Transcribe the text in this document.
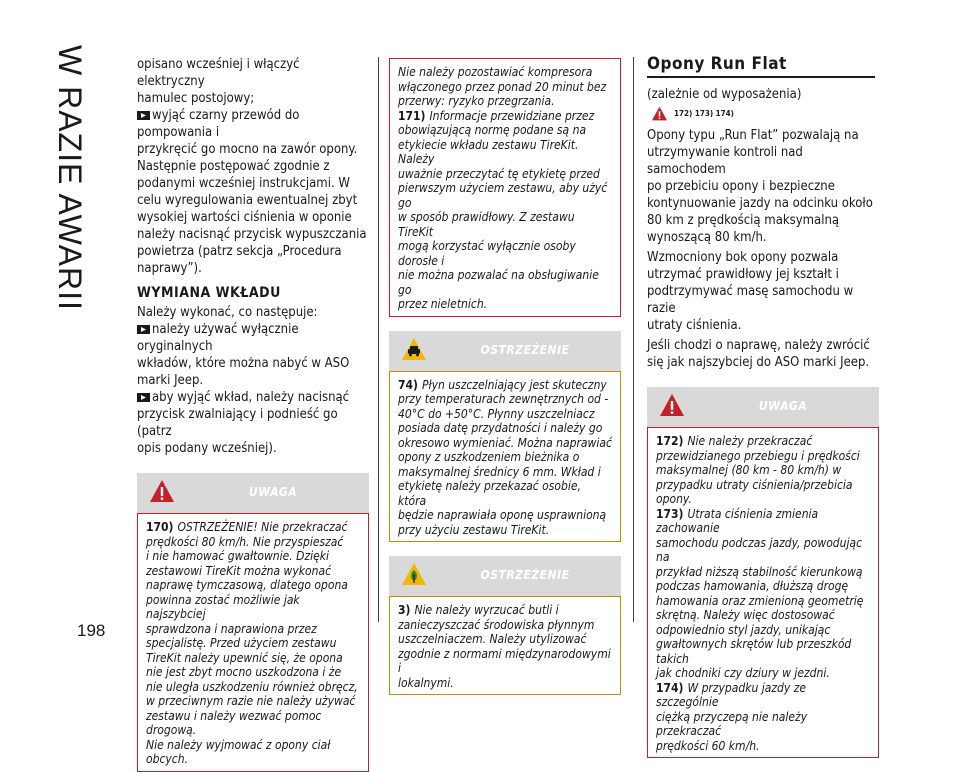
W RAZIE AWARII
198

opisano wcześniej i włączyć elektryczny

hamulec postojowy;

wyjąć czarny przewód do pompowania i

przykręcić go mocno na zawór opony.

Następnie postępować zgodnie z

podanymi wcześniej instrukcjami. W

celu wyregulowania ewentualnej zbyt

wysokiej wartości ciśnienia w oponie

należy nacisnąć przycisk wypuszczania

powietrza (patrz sekcja „Procedura

naprawy”).

WYMIANA WKŁADU

Należy wykonać, co następuje:

należy używać wyłącznie oryginalnych

wkładów, które można nabyć w ASO

marki Jeep.

aby wyjąć wkład, należy nacisnąć

przycisk zwalniający i podnieść go (patrz

opis podany wcześniej).

UWAGA

170) OSTRZEŻENIE! Nie przekraczać

prędkości 80 km/h. Nie przyspieszać

i nie hamować gwałtownie. Dzięki

zestawowi TireKit można wykonać

naprawę tymczasową, dlatego opona

powinna zostać możliwie jak najszybciej

sprawdzona i naprawiona przez

specjalistę. Przed użyciem zestawu

TireKit należy upewnić się, że opona

nie jest zbyt mocno uszkodzona i że

nie uległa uszkodzeniu również obręcz,

w przeciwnym razie nie należy używać

zestawu i należy wezwać pomoc drogową.

Nie należy wyjmować z opony ciał obcych.

Nie należy pozostawiać kompresora

włączonego przez ponad 20 minut bez

przerwy: ryzyko przegrzania.

171) Informacje przewidziane przez

obowiązującą normę podane są na

etykiecie wkładu zestawu TireKit. Należy

uważnie przeczytać tę etykietę przed

pierwszym użyciem zestawu, aby użyć go

w sposób prawidłowy. Z zestawu TireKit

mogą korzystać wyłącznie osoby dorosłe i

nie można pozwalać na obsługiwanie go

przez nieletnich.

OSTRZEŻENIE

74) Płyn uszczelniający jest skuteczny

przy temperaturach zewnętrznych od -

40°C do +50°C. Płynny uszczelniacz

posiada datę przydatności i należy go

okresowo wymieniać. Można naprawiać

opony z uszkodzeniem bieżnika o

maksymalnej średnicy 6 mm. Wkład i

etykietę należy przekazać osobie, która

będzie naprawiała oponę usprawnioną

przy użyciu zestawu TireKit.

OSTRZEŻENIE

3) Nie należy wyrzucać butli i

zanieczyszczać środowiska płynnym

uszczelniaczem. Należy utylizować

zgodnie z normami międzynarodowymi i

lokalnymi.

Opony Run Flat

(zależnie od wyposażenia)

$^{172) 173) 174)}$

Opony typu „Run Flat” pozwalają na

utrzymywanie kontroli nad samochodem

po przebiciu opony i bezpieczne

kontynuowanie jazdy na odcinku około

80 km z prędkością maksymalną

wynoszącą 80 km/h.

Wzmocniony bok opony pozwala

utrzymać prawidłowy jej kształt i

podtrzymywać masę samochodu w razie

utraty ciśnienia.

Jeśli chodzi o naprawę, należy zwrócić

się jak najszybciej do ASO marki Jeep.

UWAGA

172) Nie należy przekraczać

przewidzianego przebiegu i prędkości

maksymalnej (80 km - 80 km/h) w

przypadku utraty ciśnienia/przebicia

opony.

173) Utrata ciśnienia zmienia zachowanie

samochodu podczas jazdy, powodując na

przykład niższą stabilność kierunkową

podczas hamowania, dłuższą drogę

hamowania oraz zmienioną geometrię

skrętną. Należy więc dostosować

odpowiednio styl jazdy, unikając

gwałtownych skrętów lub przeszkód takich

jak chodniki czy dziury w jezdni.

174) W przypadku jazdy ze szczególnie

ciężką przyczepą nie należy przekraczać

prędkości 60 km/h.
